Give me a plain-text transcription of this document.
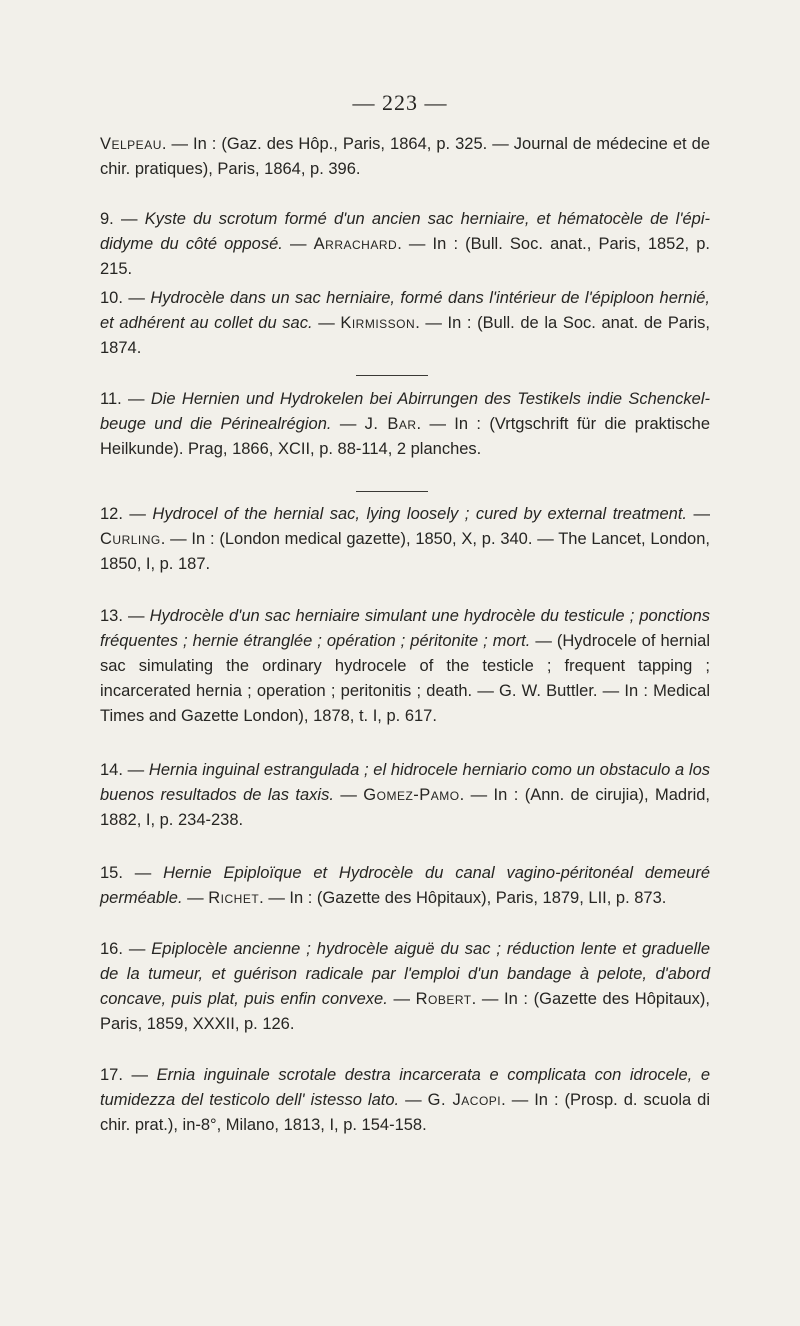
— 223 —
Velpeau. — In : (Gaz. des Hôp., Paris, 1864, p. 325. — Journal de médecine et de chir. pratiques), Paris, 1864, p. 396.
9. — Kyste du scrotum formé d'un ancien sac herniaire, et hématocèle de l'épi-didyme du côté opposé. — Arrachard. — In : (Bull. Soc. anat., Paris, 1852, p. 215.
10. — Hydrocèle dans un sac herniaire, formé dans l'intérieur de l'épiploon hernié, et adhérent au collet du sac. — Kirmisson. — In : (Bull. de la Soc. anat. de Paris, 1874.
11. — Die Hernien und Hydrokelen bei Abirrungen des Testikels indie Schenckel-beuge und die Périnealrégion. — J. Bar. — In : (Vrtgschrift für die praktische Heilkunde). Prag, 1866, XCII, p. 88-114, 2 planches.
12. — Hydrocel of the hernial sac, lying loosely ; cured by external treatment. — Curling. — In : (London medical gazette), 1850, X, p. 340. — The Lancet, London, 1850, I, p. 187.
13. — Hydrocèle d'un sac herniaire simulant une hydrocèle du testicule ; ponctions fréquentes ; hernie étranglée ; opération ; péritonite ; mort. — (Hydrocele of hernial sac simulating the ordinary hydrocele of the testicle ; frequent tapping ; incarcerated hernia ; operation ; peritonitis ; death. — G. W. Buttler. — In : Medical Times and Gazette London), 1878, t. I, p. 617.
14. — Hernia inguinal estrangulada ; el hidrocele herniario como un obstaculo a los buenos resultados de las taxis. — Gomez-Pamo. — In : (Ann. de cirujia), Madrid, 1882, I, p. 234-238.
15. — Hernie Epiploïque et Hydrocèle du canal vagino-péritonéal demeuré perméable. — Richet. — In : (Gazette des Hôpitaux), Paris, 1879, LII, p. 873.
16. — Epiplocèle ancienne ; hydrocèle aiguë du sac ; réduction lente et graduelle de la tumeur, et guérison radicale par l'emploi d'un bandage à pelote, d'abord concave, puis plat, puis enfin convexe. — Robert. — In : (Gazette des Hôpitaux), Paris, 1859, XXXII, p. 126.
17. — Ernia inguinale scrotale destra incarcerata e complicata con idrocele, e tumidezza del testicolo dell' istesso lato. — G. Jacopi. — In : (Prosp. d. scuola di chir. prat.), in-8°, Milano, 1813, I, p. 154-158.
